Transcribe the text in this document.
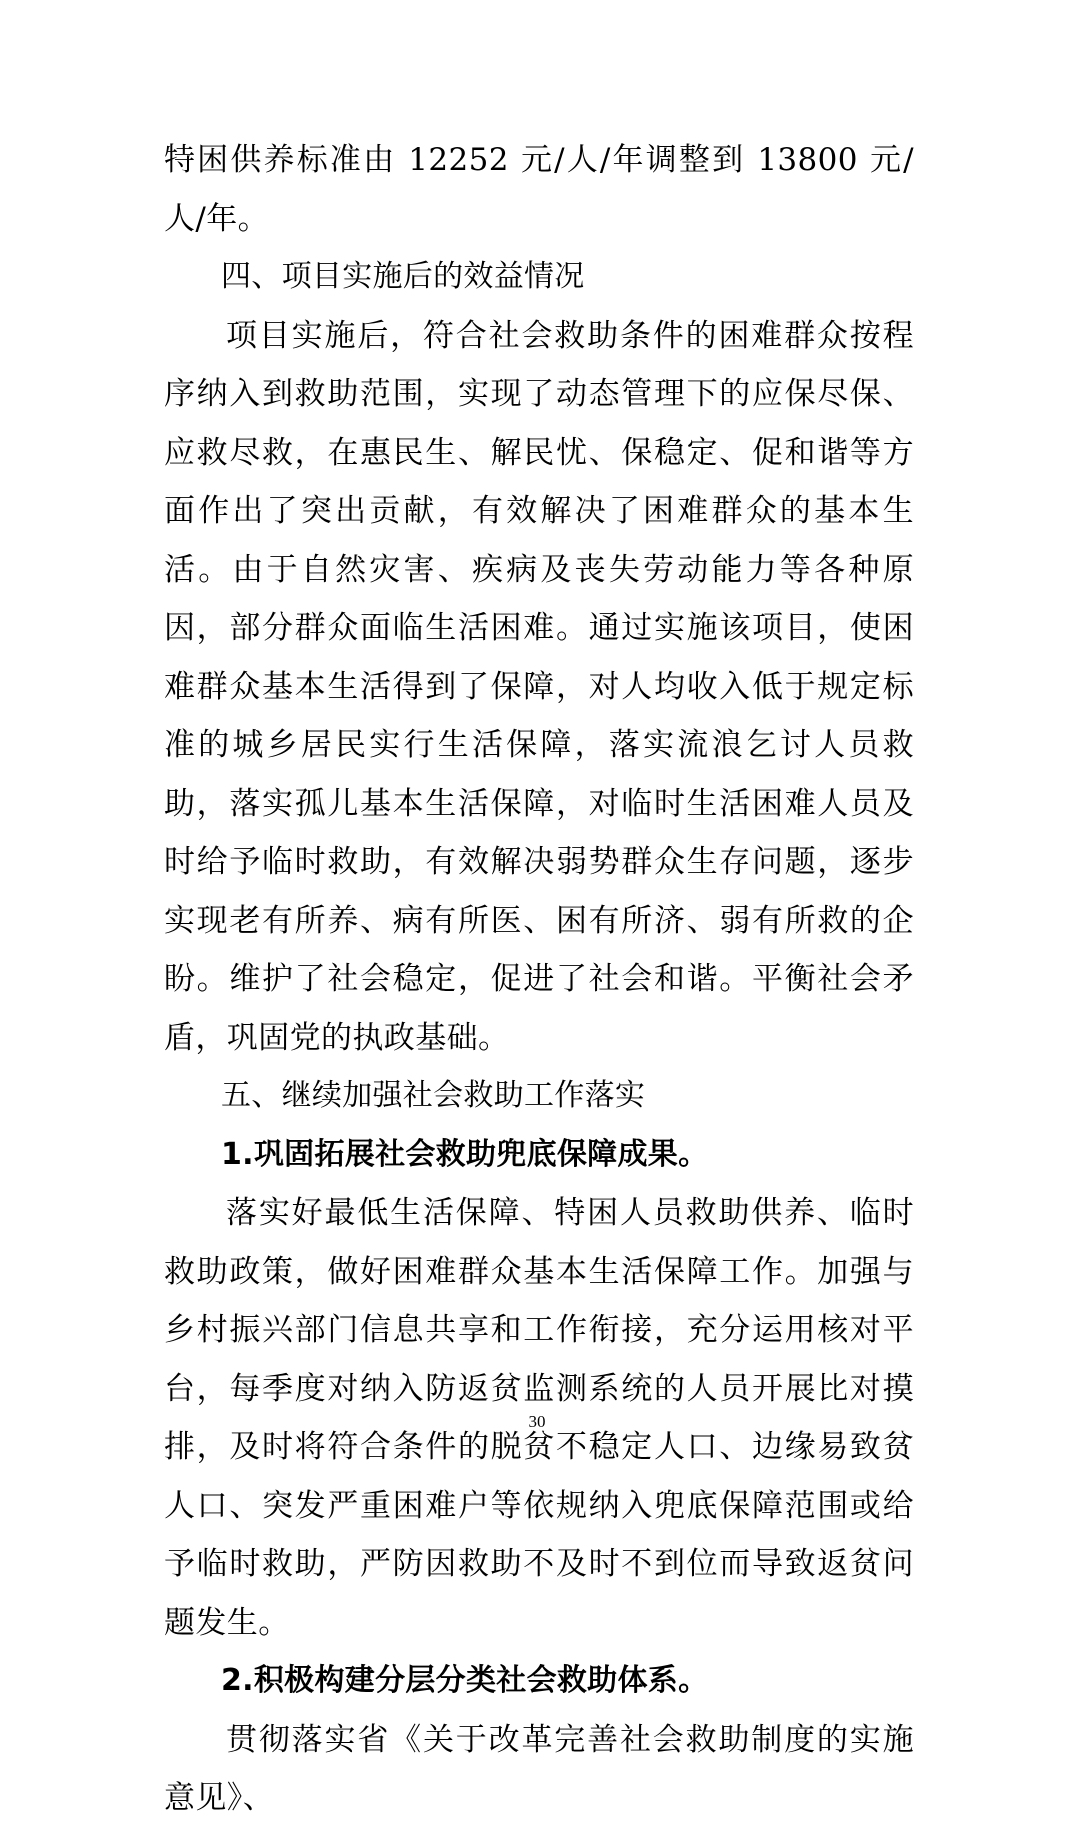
特困供养标准由 12252 元/人/年调整到 13800 元/人/年。

四、项目实施后的效益情况

项目实施后，符合社会救助条件的困难群众按程序纳入到救助范围，实现了动态管理下的应保尽保、应救尽救，在惠民生、解民忧、保稳定、促和谐等方面作出了突出贡献，有效解决了困难群众的基本生活。由于自然灾害、疾病及丧失劳动能力等各种原因，部分群众面临生活困难。通过实施该项目，使困难群众基本生活得到了保障，对人均收入低于规定标准的城乡居民实行生活保障，落实流浪乞讨人员救助，落实孤儿基本生活保障，对临时生活困难人员及时给予临时救助，有效解决弱势群众生存问题，逐步实现老有所养、病有所医、困有所济、弱有所救的企盼。维护了社会稳定，促进了社会和谐。平衡社会矛盾，巩固党的执政基础。

五、继续加强社会救助工作落实
1.巩固拓展社会救助兜底保障成果。

落实好最低生活保障、特困人员救助供养、临时救助政策，做好困难群众基本生活保障工作。加强与乡村振兴部门信息共享和工作衔接，充分运用核对平台，每季度对纳入防返贫监测系统的人员开展比对摸排，及时将符合条件的脱贫不稳定人口、边缘易致贫人口、突发严重困难户等依规纳入兜底保障范围或给予临时救助，严防因救助不及时不到位而导致返贫问题发生。

2.积极构建分层分类社会救助体系。

贯彻落实省《关于改革完善社会救助制度的实施意见》、

30
